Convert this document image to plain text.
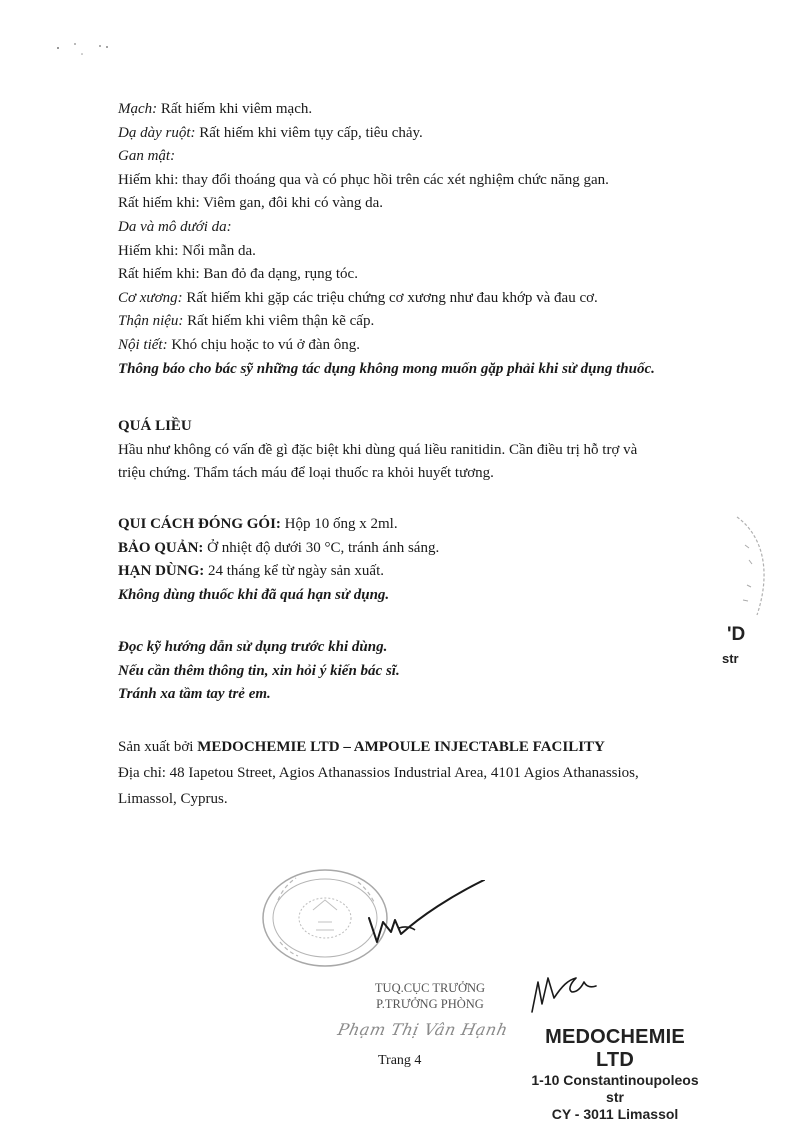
Mạch: Rất hiếm khi viêm mạch.
Dạ dày ruột: Rất hiếm khi viêm tụy cấp, tiêu chảy.
Gan mật:
Hiếm khi: thay đổi thoáng qua và có phục hồi trên các xét nghiệm chức năng gan.
Rất hiếm khi: Viêm gan, đôi khi có vàng da.
Da và mô dưới da:
Hiếm khi: Nổi mẫn da.
Rất hiếm khi: Ban đỏ đa dạng, rụng tóc.
Cơ xương: Rất hiếm khi gặp các triệu chứng cơ xương như đau khớp và đau cơ.
Thận niệu: Rất hiếm khi viêm thận kẽ cấp.
Nội tiết: Khó chịu hoặc to vú ở đàn ông.
Thông báo cho bác sỹ những tác dụng không mong muốn gặp phải khi sử dụng thuốc.
QUÁ LIỀU
Hầu như không có vấn đề gì đặc biệt khi dùng quá liều ranitidin. Cần điều trị hỗ trợ và
triệu chứng. Thẩm tách máu để loại thuốc ra khỏi huyết tương.
QUI CÁCH ĐÓNG GÓI: Hộp 10 ống x 2ml.
BẢO QUẢN: Ở nhiệt độ dưới 30 °C, tránh ánh sáng.
HẠN DÙNG: 24 tháng kể từ ngày sản xuất.
Không dùng thuốc khi đã quá hạn sử dụng.
Đọc kỹ hướng dẫn sử dụng trước khi dùng.
Nếu cần thêm thông tin, xin hỏi ý kiến bác sĩ.
Tránh xa tầm tay trẻ em.
Sản xuất bởi MEDOCHEMIE LTD – AMPOULE INJECTABLE FACILITY
Địa chỉ: 48 Iapetou Street, Agios Athanassios Industrial Area, 4101 Agios Athanassios,
Limassol, Cyprus.
'D
str
TUQ.CỤC TRƯỞNG
P.TRƯỞNG PHÒNG
Phạm Thị Vân Hạnh
Trang 4
MEDOCHEMIE LTD
1-10 Constantinoupoleos str
CY - 3011 Limassol
